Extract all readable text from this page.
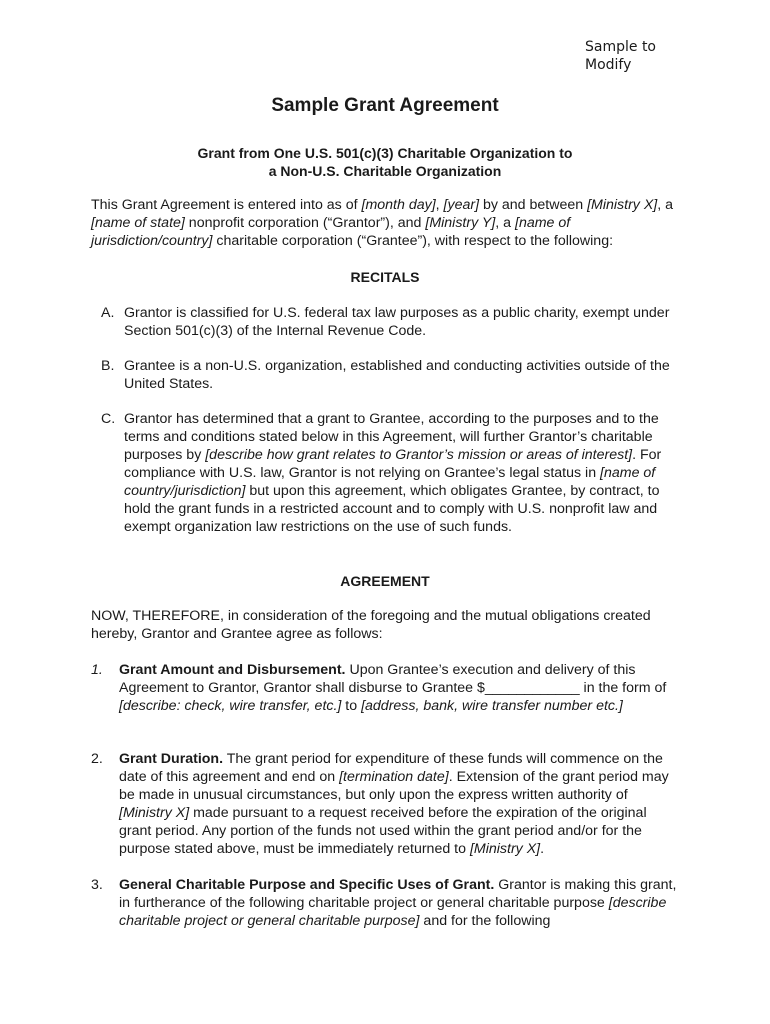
Sample to
Modify
Sample Grant Agreement
Grant from One U.S. 501(c)(3) Charitable Organization to
a Non-U.S. Charitable Organization
This Grant Agreement is entered into as of [month day], [year] by and between [Ministry X], a [name of state] nonprofit corporation (“Grantor”), and [Ministry Y], a [name of jurisdiction/country] charitable corporation (“Grantee”), with respect to the following:
RECITALS
A. Grantor is classified for U.S. federal tax law purposes as a public charity, exempt under Section 501(c)(3) of the Internal Revenue Code.
B. Grantee is a non-U.S. organization, established and conducting activities outside of the United States.
C. Grantor has determined that a grant to Grantee, according to the purposes and to the terms and conditions stated below in this Agreement, will further Grantor’s charitable purposes by [describe how grant relates to Grantor’s mission or areas of interest]. For compliance with U.S. law, Grantor is not relying on Grantee’s legal status in [name of country/jurisdiction] but upon this agreement, which obligates Grantee, by contract, to hold the grant funds in a restricted account and to comply with U.S. nonprofit law and exempt organization law restrictions on the use of such funds.
AGREEMENT
NOW, THEREFORE, in consideration of the foregoing and the mutual obligations created hereby, Grantor and Grantee agree as follows:
1. Grant Amount and Disbursement. Upon Grantee’s execution and delivery of this Agreement to Grantor, Grantor shall disburse to Grantee $____________ in the form of [describe: check, wire transfer, etc.] to [address, bank, wire transfer number etc.]
2. Grant Duration. The grant period for expenditure of these funds will commence on the date of this agreement and end on [termination date]. Extension of the grant period may be made in unusual circumstances, but only upon the express written authority of [Ministry X] made pursuant to a request received before the expiration of the original grant period. Any portion of the funds not used within the grant period and/or for the purpose stated above, must be immediately returned to [Ministry X].
3. General Charitable Purpose and Specific Uses of Grant. Grantor is making this grant, in furtherance of the following charitable project or general charitable purpose [describe charitable project or general charitable purpose] and for the following
